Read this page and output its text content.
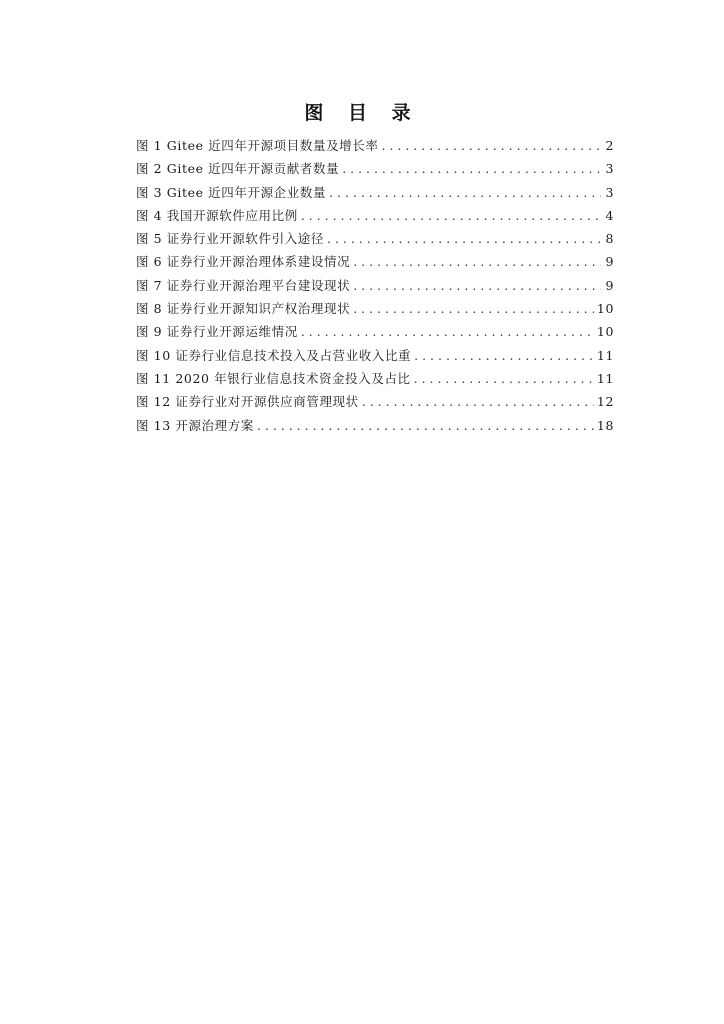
图 目 录
图 1 Gitee 近四年开源项目数量及增长率 . . .	2
图 2 Gitee 近四年开源贡献者数量 . . .	3
图 3 Gitee 近四年开源企业数量 . . .	3
图 4 我国开源软件应用比例 . . .	4
图 5 证券行业开源软件引入途径 . . .	8
图 6 证券行业开源治理体系建设情况 . . .	9
图 7 证券行业开源治理平台建设现状 . . .	9
图 8 证券行业开源知识产权治理现状 . . .	10
图 9 证券行业开源运维情况 . . .	10
图 10 证券行业信息技术投入及占营业收入比重 . . .	11
图 11 2020 年银行业信息技术资金投入及占比 . . .	11
图 12 证券行业对开源供应商管理现状 . . .	12
图 13 开源治理方案 . . .	18
